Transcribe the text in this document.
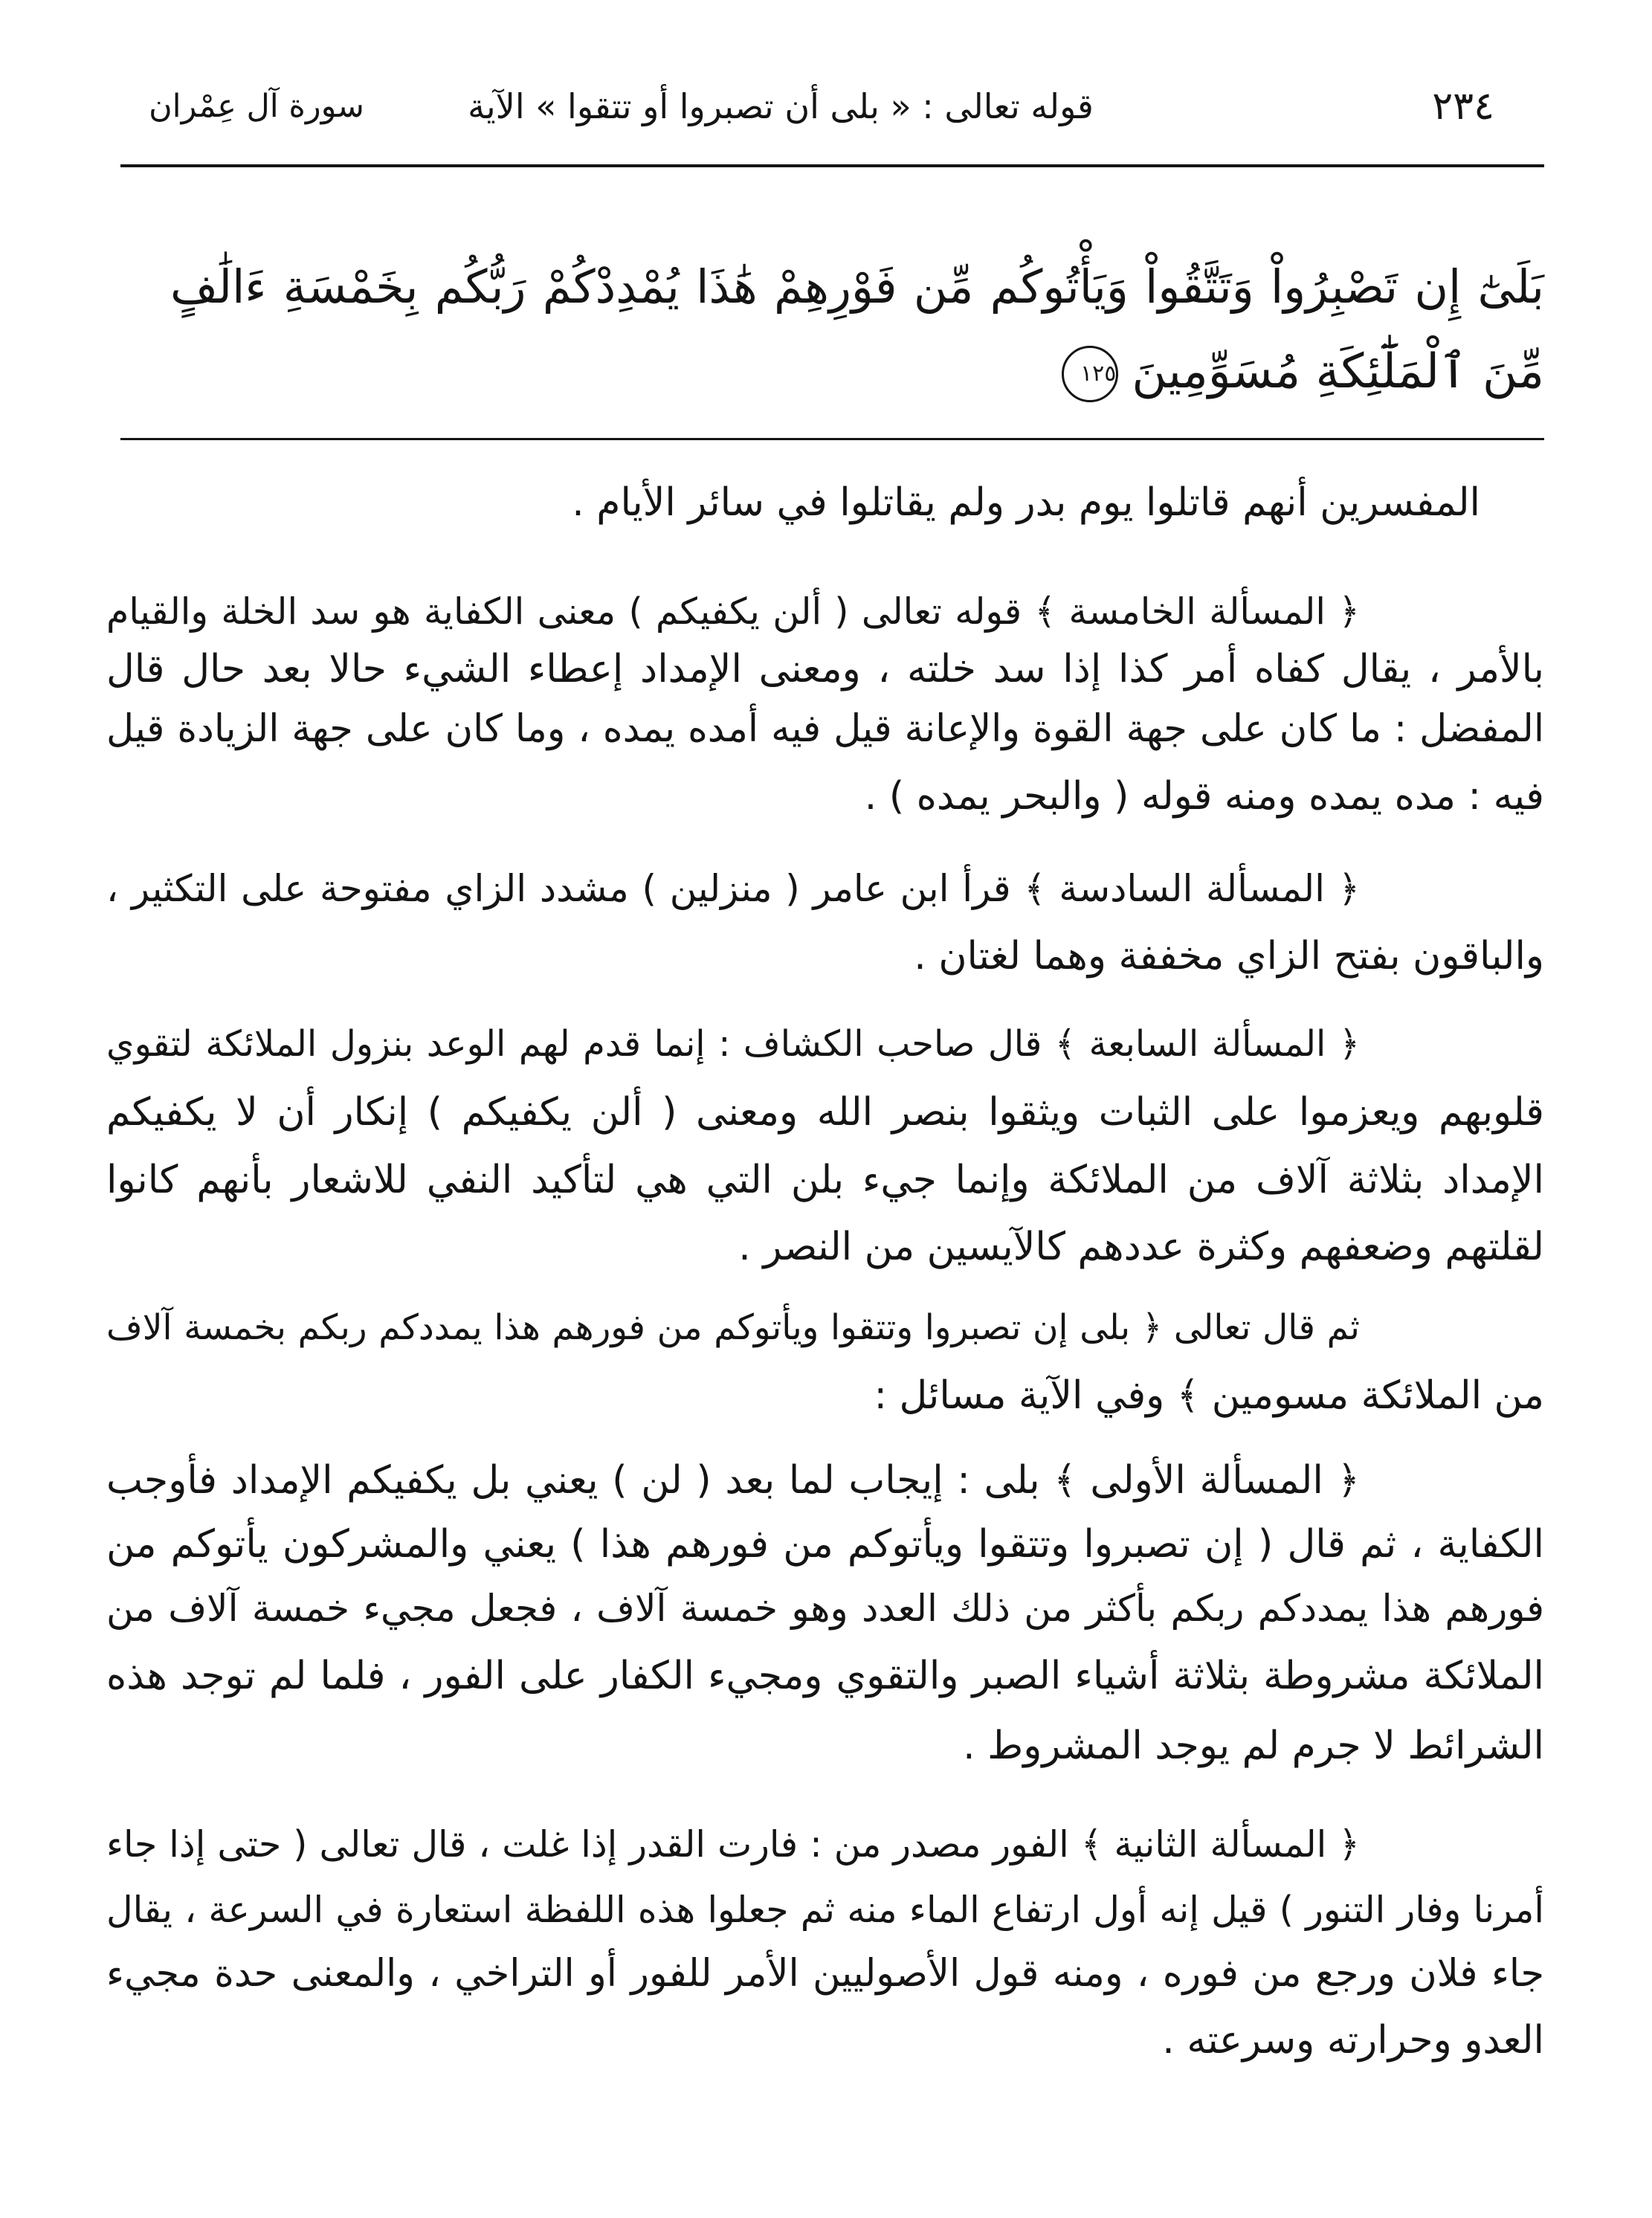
٢٣٤
قوله تعالى : « بلى أن تصبروا أو تتقوا » الآية
سورة آل عِمْران
بَلَىٰٓ إِن تَصْبِرُواْ وَتَتَّقُواْ وَيَأْتُوكُم مِّن فَوْرِهِمْ هَٰذَا يُمْدِدْكُمْ رَبُّكُم بِخَمْسَةِ ءَالَٰفٍ
مِّنَ ٱلْمَلَٰٓئِكَةِ مُسَوِّمِينَ١٢٥
المفسرين أنهم قاتلوا يوم بدر ولم يقاتلوا في سائر الأيام .
﴿ المسألة الخامسة ﴾ قوله تعالى ( ألن يكفيكم ) معنى الكفاية هو سد الخلة والقيام
بالأمر ، يقال كفاه أمر كذا إذا سد خلته ، ومعنى الإمداد إعطاء الشيء حالا بعد حال قال
المفضل : ما كان على جهة القوة والإعانة قيل فيه أمده يمده ، وما كان على جهة الزيادة قيل
فيه : مده يمده ومنه قوله ( والبحر يمده ) .
﴿ المسألة السادسة ﴾ قرأ ابن عامر ( منزلين ) مشدد الزاي مفتوحة على التكثير ،
والباقون بفتح الزاي مخففة وهما لغتان .
﴿ المسألة السابعة ﴾ قال صاحب الكشاف : إنما قدم لهم الوعد بنزول الملائكة لتقوي
قلوبهم ويعزموا على الثبات ويثقوا بنصر الله ومعنى ( ألن يكفيكم ) إنكار أن لا يكفيكم
الإمداد بثلاثة آلاف من الملائكة وإنما جيء بلن التي هي لتأكيد النفي للاشعار بأنهم كانوا
لقلتهم وضعفهم وكثرة عددهم كالآيسين من النصر .
ثم قال تعالى ﴿ بلى إن تصبروا وتتقوا ويأتوكم من فورهم هذا يمددكم ربكم بخمسة آلاف
من الملائكة مسومين ﴾ وفي الآية مسائل :
﴿ المسألة الأولى ﴾ بلى : إيجاب لما بعد ( لن ) يعني بل يكفيكم الإمداد فأوجب
الكفاية ، ثم قال ( إن تصبروا وتتقوا ويأتوكم من فورهم هذا ) يعني والمشركون يأتوكم من
فورهم هذا يمددكم ربكم بأكثر من ذلك العدد وهو خمسة آلاف ، فجعل مجيء خمسة آلاف من
الملائكة مشروطة بثلاثة أشياء الصبر والتقوي ومجيء الكفار على الفور ، فلما لم توجد هذه
الشرائط لا جرم لم يوجد المشروط .
﴿ المسألة الثانية ﴾ الفور مصدر من : فارت القدر إذا غلت ، قال تعالى ( حتى إذا جاء
أمرنا وفار التنور ) قيل إنه أول ارتفاع الماء منه ثم جعلوا هذه اللفظة استعارة في السرعة ، يقال
جاء فلان ورجع من فوره ، ومنه قول الأصوليين الأمر للفور أو التراخي ، والمعنى حدة مجيء
العدو وحرارته وسرعته .
